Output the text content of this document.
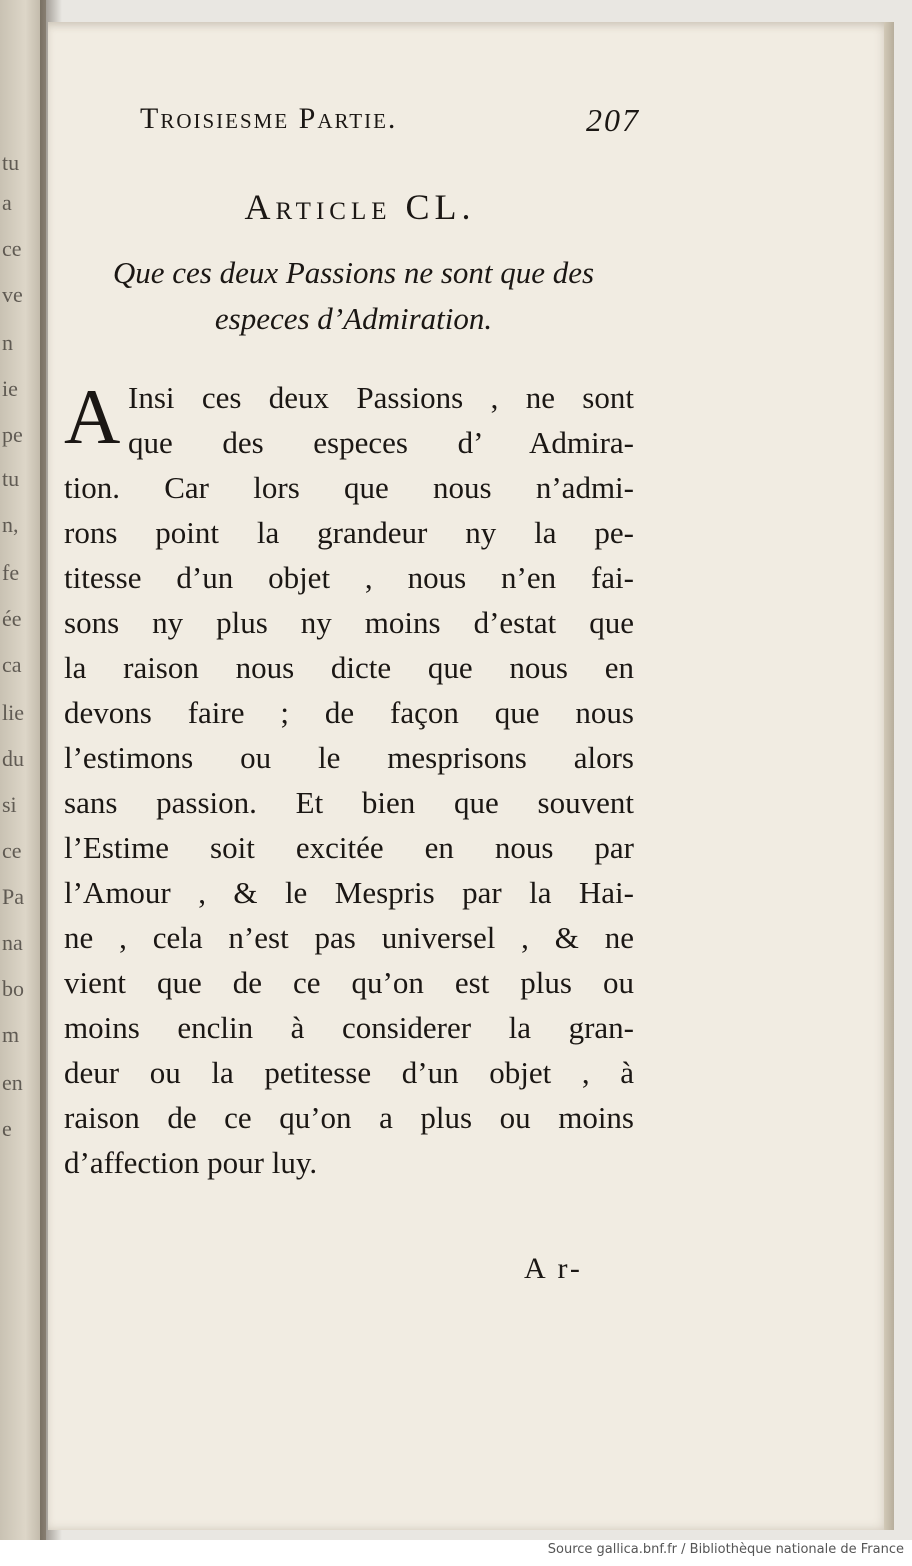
tu
a
ce
ve
n
ie
pe
tu
n,
fe
ée
ca
lie
du
si
ce
Pa
na
bo
m
en
e
Troisiesme Partie.	207
Article CL.
Que ces deux Passions ne sont que des
especes d’Admiration.
A Insi ces deux Passions , ne sont
que des especes d’ Admira-
tion. Car lors que nous n’admi-
rons point la grandeur ny la pe-
titesse d’un objet , nous n’en fai-
sons ny plus ny moins d’estat que
la raison nous dicte que nous en
devons faire ; de façon que nous
l’estimons ou le mesprisons alors
sans passion. Et bien que souvent
l’Estime soit excitée en nous par
l’Amour , & le Mespris par la Hai-
ne , cela n’est pas universel , & ne
vient que de ce qu’on est plus ou
moins enclin à considerer la gran-
deur ou la petitesse d’un objet , à
raison de ce qu’on a plus ou moins
d’affection pour luy.
A r-
Source gallica.bnf.fr / Bibliothèque nationale de France
